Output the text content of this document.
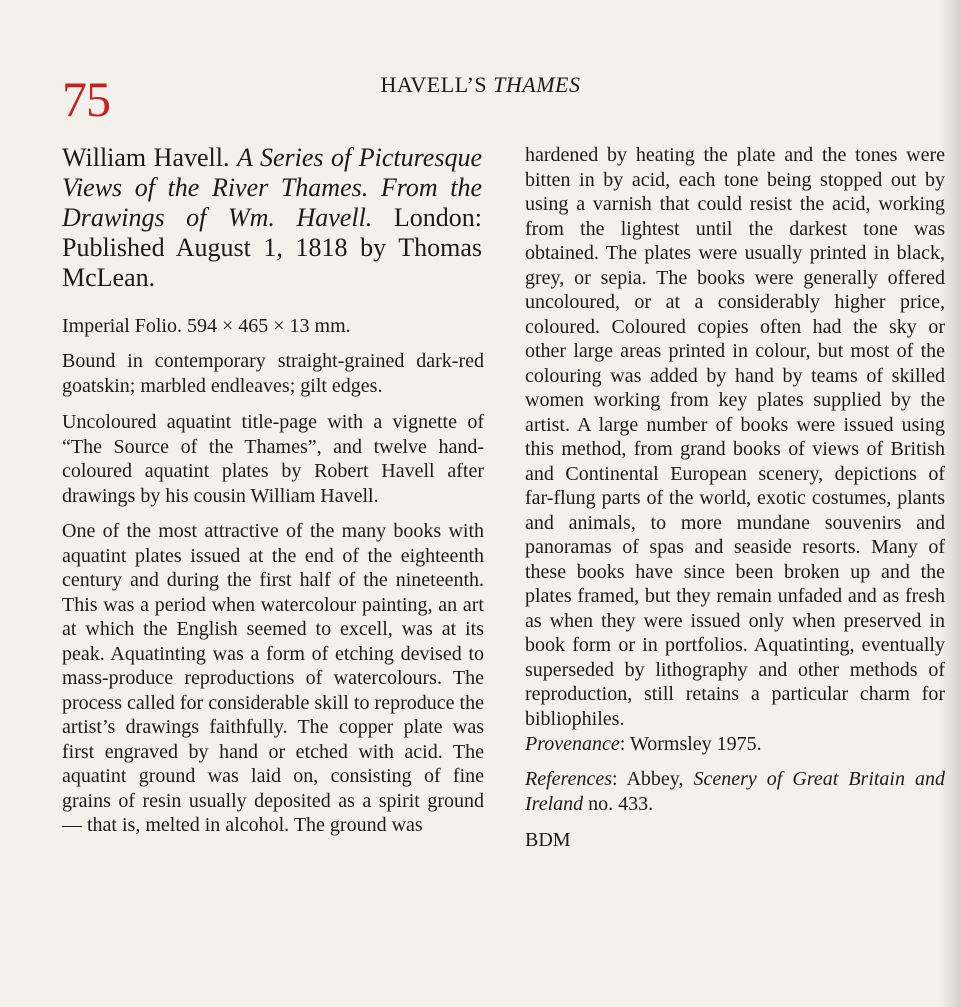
75	HAVELL’S THAMES

William Havell. A Series of Picturesque Views of the River Thames. From the Drawings of Wm. Havell. London: Published August 1, 1818 by Thomas McLean.

Imperial Folio. 594 × 465 × 13 mm.

Bound in contemporary straight-grained dark-red goatskin; marbled endleaves; gilt edges.

Uncoloured aquatint title-page with a vignette of “The Source of the Thames”, and twelve hand-coloured aquatint plates by Robert Havell after drawings by his cousin William Havell.

One of the most attractive of the many books with aquatint plates issued at the end of the eighteenth century and during the first half of the nineteenth. This was a period when watercolour painting, an art at which the English seemed to excell, was at its peak. Aquatinting was a form of etching devised to mass-produce reproductions of watercolours. The process called for considerable skill to reproduce the artist’s drawings faithfully. The copper plate was first engraved by hand or etched with acid. The aquatint ground was laid on, consisting of fine grains of resin usually deposited as a spirit ground — that is, melted in alcohol. The ground was

hardened by heating the plate and the tones were bitten in by acid, each tone being stopped out by using a varnish that could resist the acid, working from the lightest until the darkest tone was obtained. The plates were usually printed in black, grey, or sepia. The books were generally offered uncoloured, or at a considerably higher price, coloured. Coloured copies often had the sky or other large areas printed in colour, but most of the colouring was added by hand by teams of skilled women working from key plates supplied by the artist. A large number of books were issued using this method, from grand books of views of British and Continental European scenery, depictions of far-flung parts of the world, exotic costumes, plants and animals, to more mundane souvenirs and panoramas of spas and seaside resorts. Many of these books have since been broken up and the plates framed, but they remain unfaded and as fresh as when they were issued only when preserved in book form or in portfolios. Aquatinting, eventually superseded by lithography and other methods of reproduction, still retains a particular charm for bibliophiles.

Provenance: Wormsley 1975.

References: Abbey, Scenery of Great Britain and Ireland no. 433.

BDM
